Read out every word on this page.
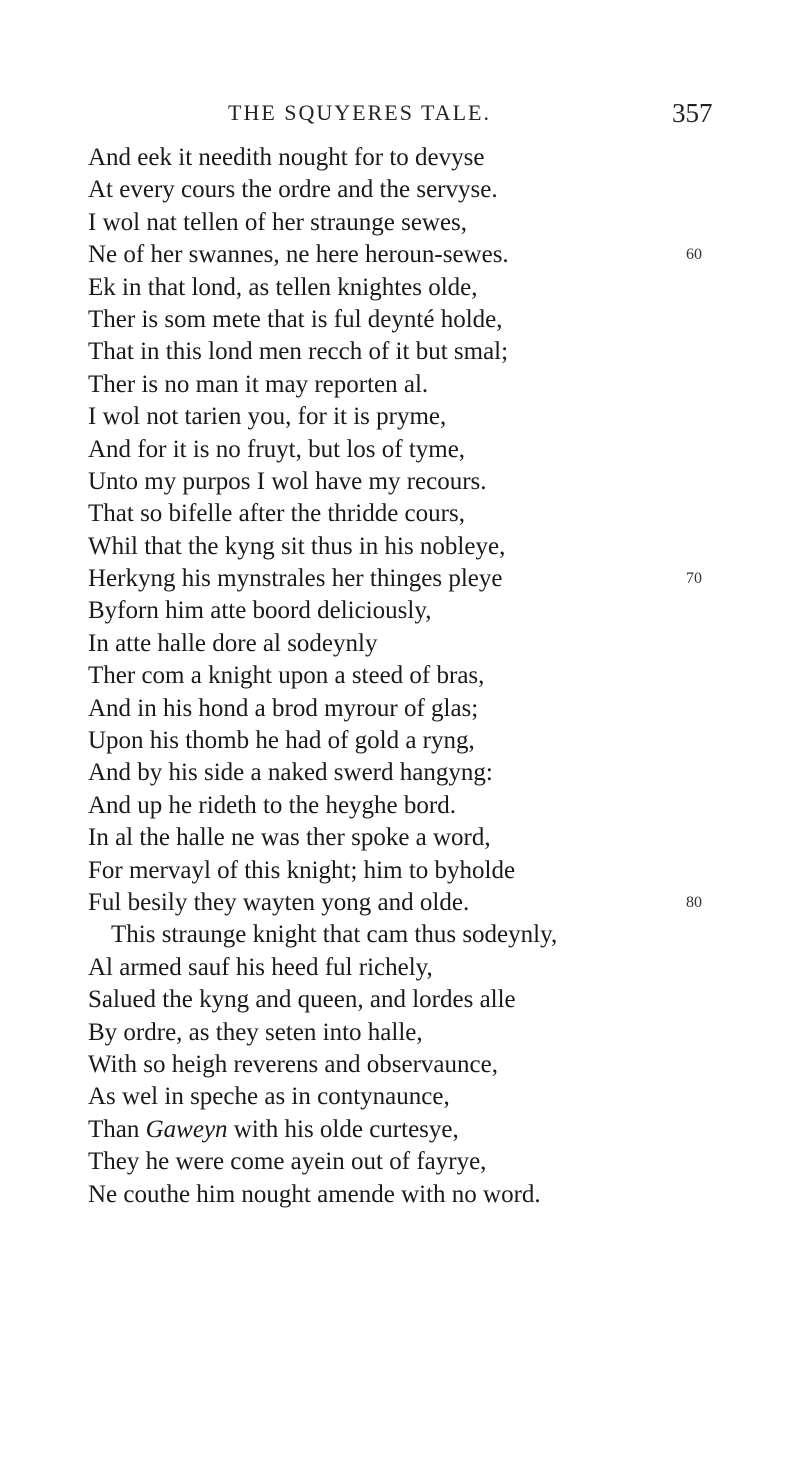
THE SQUYERES TALE.	357
And eek it needith nought for to devyse
At every cours the ordre and the servyse.
I wol nat tellen of her straunge sewes,
Ne of her swannes, ne here heroun-sewes.	60
Ek in that lond, as tellen knightes olde,
Ther is som mete that is ful deynté holde,
That in this lond men recch of it but smal;
Ther is no man it may reporten al.
I wol not tarien you, for it is pryme,
And for it is no fruyt, but los of tyme,
Unto my purpos I wol have my recours.
That so bifelle after the thridde cours,
Whil that the kyng sit thus in his nobleye,
Herkyng his mynstrales her thinges pleye	70
Byforn him atte boord deliciously,
In atte halle dore al sodeynly
Ther com a knight upon a steed of bras,
And in his hond a brod myrour of glas;
Upon his thomb he had of gold a ryng,
And by his side a naked swerd hangyng:
And up he rideth to the heyghe bord.
In al the halle ne was ther spoke a word,
For mervayl of this knight; him to byholde
Ful besily they wayten yong and olde.	80
This straunge knight that cam thus sodeynly,
Al armed sauf his heed ful richely,
Salued the kyng and queen, and lordes alle
By ordre, as they seten into halle,
With so heigh reverens and observaunce,
As wel in speche as in contynaunce,
Than Gaweyn with his olde curtesye,
They he were come ayein out of fayrye,
Ne couthe him nought amende with no word.
